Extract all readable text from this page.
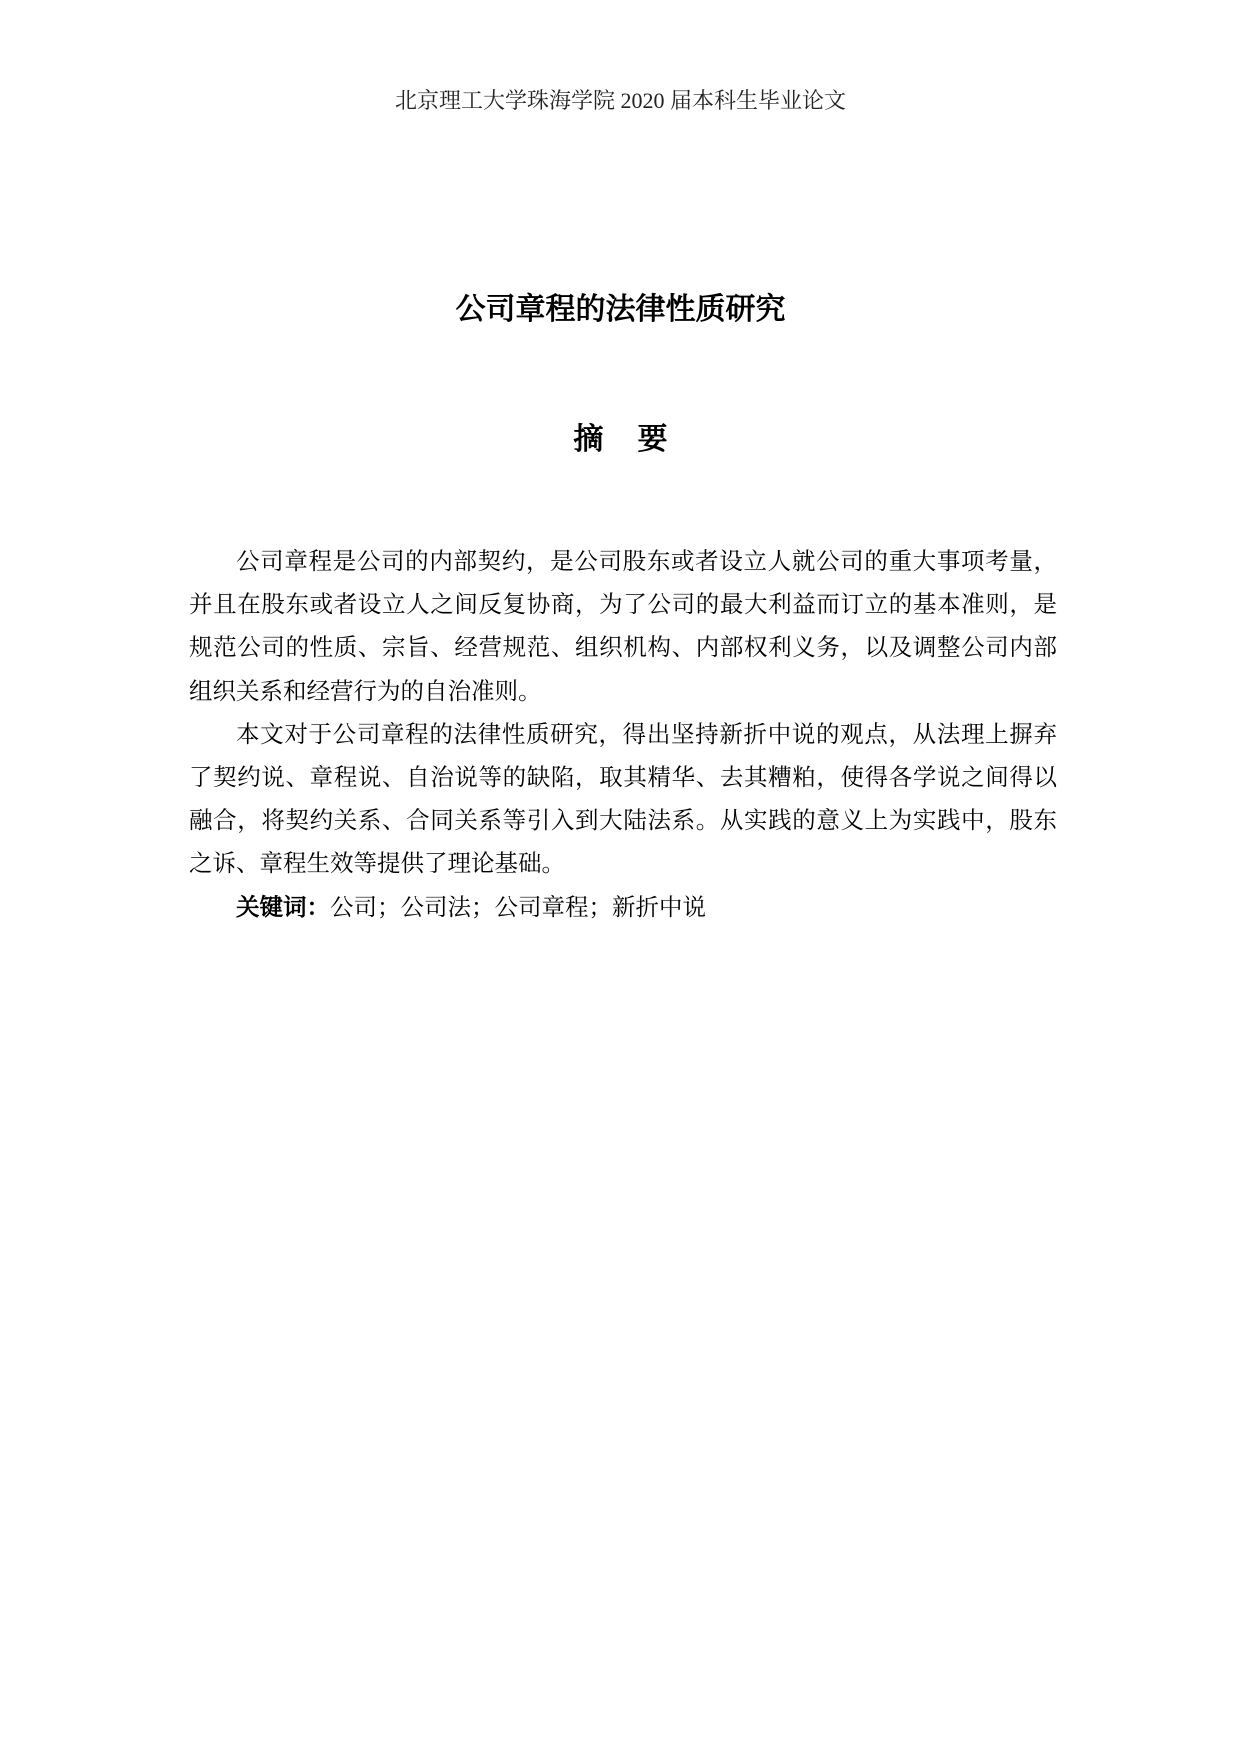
北京理工大学珠海学院 2020 届本科生毕业论文
公司章程的法律性质研究
摘要

公司章程是公司的内部契约，是公司股东或者设立人就公司的重大事项考量，并且在股东或者设立人之间反复协商，为了公司的最大利益而订立的基本准则，是规范公司的性质、宗旨、经营规范、组织机构、内部权利义务，以及调整公司内部组织关系和经营行为的自治准则。

本文对于公司章程的法律性质研究，得出坚持新折中说的观点，从法理上摒弃了契约说、章程说、自治说等的缺陷，取其精华、去其糟粕，使得各学说之间得以融合，将契约关系、合同关系等引入到大陆法系。从实践的意义上为实践中，股东之诉、章程生效等提供了理论基础。

关键词：公司；公司法；公司章程；新折中说
